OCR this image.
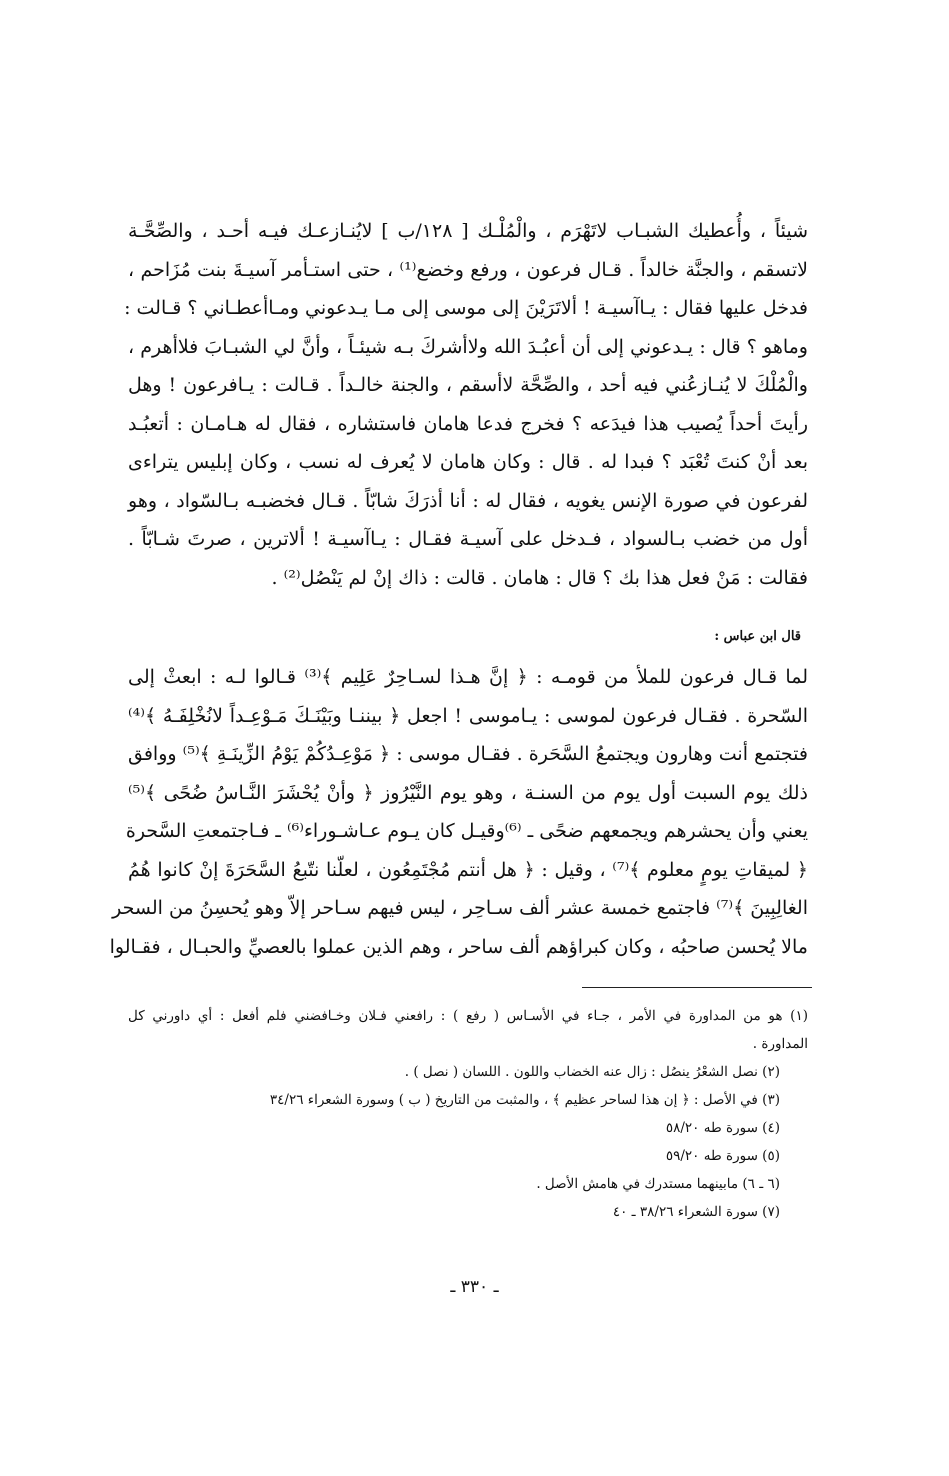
شيئاً ، وأُعطيك الشبـاب لاتَهْرَم ، والْمُلْـك [ ١٢٨/ب ] لايُنـازعـك فيـه أحـد ، والصِّحَّـة
لاتسقم ، والجنَّة خالداً . قـال فرعون ، ورفع وخضع⁽¹⁾ ، حتى استـأمر آسيـةَ بنت مُزَاحم ،
فدخل عليها فقال : يـاآسيـة ! ألاتَرَيْنَ إلى موسى إلى مـا يـدعوني ومـاأعطـاني ؟ قـالت :
وماهو ؟ قال : يـدعوني إلى أن أعبُـدَ الله ولاأشركَ بـه شيئـاً ، وأنَّ لي الشبـابَ فلاأهرم ،
والْمُلْكَ لا يُنـازعُني فيه أحد ، والصِّحَّة لاأسقم ، والجنة خالـداً . قـالت : يـافرعون ! وهل
رأيتَ أحداً يُصيب هذا فيدَعه ؟ فخرج فدعا هامان فاستشاره ، فقال له هـامـان : أتعبُـد
بعد أنْ كنتَ تُعْبَد ؟ فبدا له . قال : وكان هامان لا يُعرف له نسب ، وكان إبليس يتراءى
لفرعون في صورة الإنس يغويه ، فقال له : أنا أذرَكَ شابّاً . قـال فخضبـه بـالسّواد ، وهو
أول من خضب بـالسواد ، فـدخل على آسيـة فقـال : يـاآسيـة ! ألاترين ، صرتَ شـابّاً .
فقالت : مَنْ فعل هذا بك ؟ قال : هامان . قالت : ذاك إنْ لم يَنْصُل⁽²⁾ .
قال ابن عباس :
لما قـال فرعون للملأ من قومـه : ﴿ إنَّ هـذا لسـاحِرٌ عَلِيم ﴾⁽³⁾ قـالوا لـه : ابعثْ إلى
السّحرة . فقـال فرعون لموسى : يـاموسى ! اجعل ﴿ بيننـا وبَيْنَـكَ مَـوْعِـداً لانُخْلِفَـهُ ﴾⁽⁴⁾
فتجتمع أنت وهارون ويجتمعُ السَّحَرة . فقـال موسى : ﴿ مَوْعِـدُكُمْ يَوْمُ الزِّينَـةِ ﴾⁽⁵⁾ ووافق
ذلك يوم السبت أول يوم من السنـة ، وهو يوم النَّيْرُوز ﴿ وأنْ يُحْشَرَ النَّـاسُ ضُحًى ﴾⁽⁵⁾
يعني وأن يحشرهم ويجمعهم ضحًى ـ ⁽⁶⁾وقيـل كان يـوم عـاشـوراء⁽⁶⁾ ـ فـاجتمعتِ السَّحرة
﴿ لميقاتِ يومٍ معلوم ﴾⁽⁷⁾ ، وقيل : ﴿ هل أنتم مُجْتَمِعُون ، لعلّنا نتّبعُ السَّحَرَةَ إنْ كانوا هُمُ
الغالِبِينَ ﴾⁽⁷⁾ فاجتمع خمسة عشر ألف سـاحِر ، ليس فيهم سـاحر إلاّ وهو يُحسِنُ من السحر
مالا يُحسن صاحبُه ، وكان كبراؤهم ألف ساحر ، وهم الذين عملوا بالعصيِّ والحبـال ، فقـالوا
(١) هو من المداورة في الأمر ، جـاء في الأسـاس ( رفع ) : رافعني فـلان وخـافضني فلم أفعل : أي داورني كل
المداورة .
(٢) نصل الشعْرُ ينصُل : زال عنه الخضاب واللون . اللسان ( نصل ) .
(٣) في الأصل : ﴿ إن هذا لساحر عظيم ﴾ ، والمثبت من التاريخ ( ب ) وسورة الشعراء ٣٤/٢٦
(٤) سورة طه ٥٨/٢٠
(٥) سورة طه ٥٩/٢٠
(٦ ـ ٦) مابينهما مستدرك في هامش الأصل .
(٧) سورة الشعراء ٣٨/٢٦ ـ ٤٠
ـ ٣٣٠ ـ
